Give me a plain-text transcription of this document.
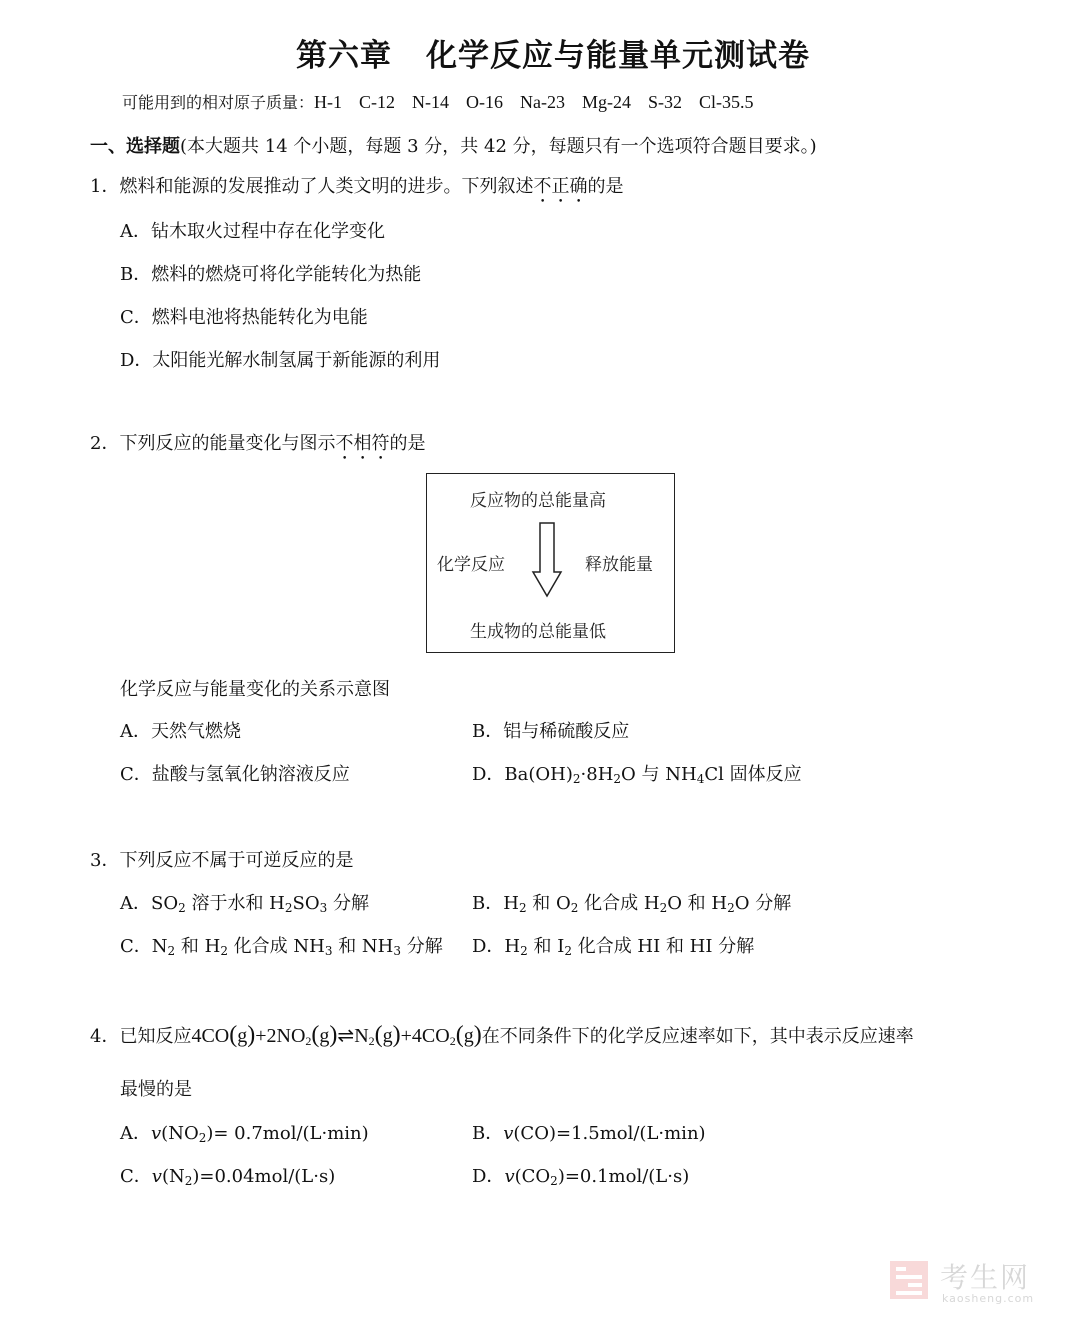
第六章 化学反应与能量单元测试卷
可能用到的相对原子质量：H-1 C-12 N-14 O-16 Na-23 Mg-24 S-32 Cl-35.5
一、选择题(本大题共 14 个小题，每题 3 分，共 42 分，每题只有一个选项符合题目要求。)
1．燃料和能源的发展推动了人类文明的进步。下列叙述不正确的是
A．钻木取火过程中存在化学变化
B．燃料的燃烧可将化学能转化为热能
C．燃料电池将热能转化为电能
D．太阳能光解水制氢属于新能源的利用
2．下列反应的能量变化与图示不相符的是
反应物的总能量高
化学反应	释放能量
生成物的总能量低
化学反应与能量变化的关系示意图
A．天然气燃烧	B．铝与稀硫酸反应
C．盐酸与氢氧化钠溶液反应	D．$Ba(OH)_2\cdot 8H_2O$ 与 $NH_4Cl$ 固体反应
3．下列反应不属于可逆反应的是
A．$SO_2$ 溶于水和 $H_2SO_3$ 分解	B．$H_2$ 和 $O_2$ 化合成 $H_2O$ 和 $H_2O$ 分解
C．$N_2$ 和 $H_2$ 化合成 $NH_3$ 和 $NH_3$ 分解 D．$H_2$ 和 $I_2$ 化合成 HI 和 HI 分解
4．已知反应$4CO(g)+2NO_2(g)\rightleftharpoons N_2(g)+4CO_2(g)$在不同条件下的化学反应速率如下，其中表示反应速率
最慢的是
A．$v(NO_2)= 0.7mol/(L\cdot\min)$	B．v(CO)=1.5mol/(L·min)
C．$v(N_2)=0.04mol/(L\cdot s)$	D．$v(CO_2)=0.1mol/(L\cdot s)$
考生网
kaosheng.com
